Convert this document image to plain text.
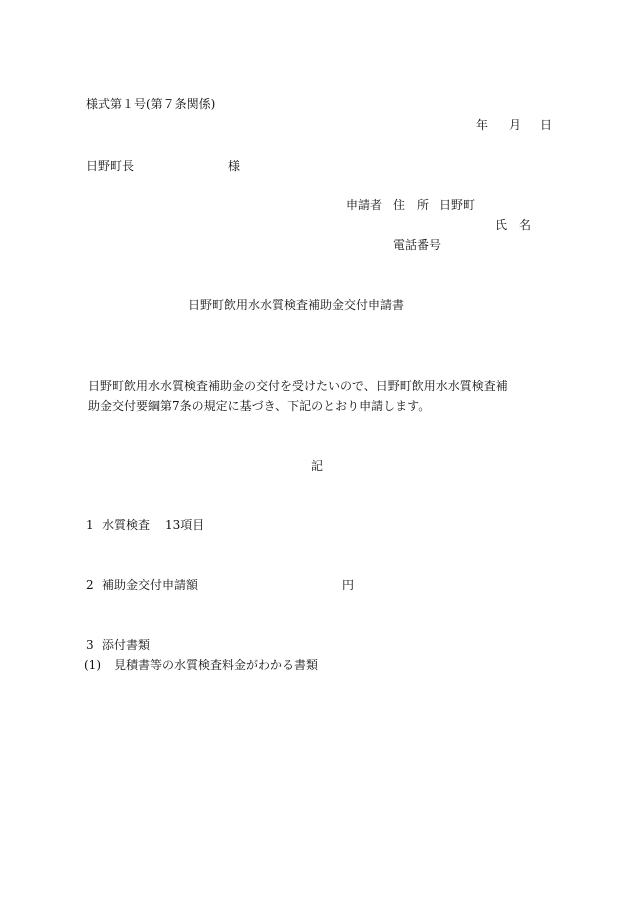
様式第１号(第７条関係)
年 月 日
日野町長	様
申請者 住　所 日野町
氏　名
電話番号
日野町飲用水水質検査補助金交付申請書
日野町飲用水水質検査補助金の交付を受けたいので、日野町飲用水水質検査補
助金交付要綱第7条の規定に基づき、下記のとおり申請します。
記
1 水質検査 13項目
2 補助金交付申請額	円
3 添付書類
(1) 見積書等の水質検査料金がわかる書類
